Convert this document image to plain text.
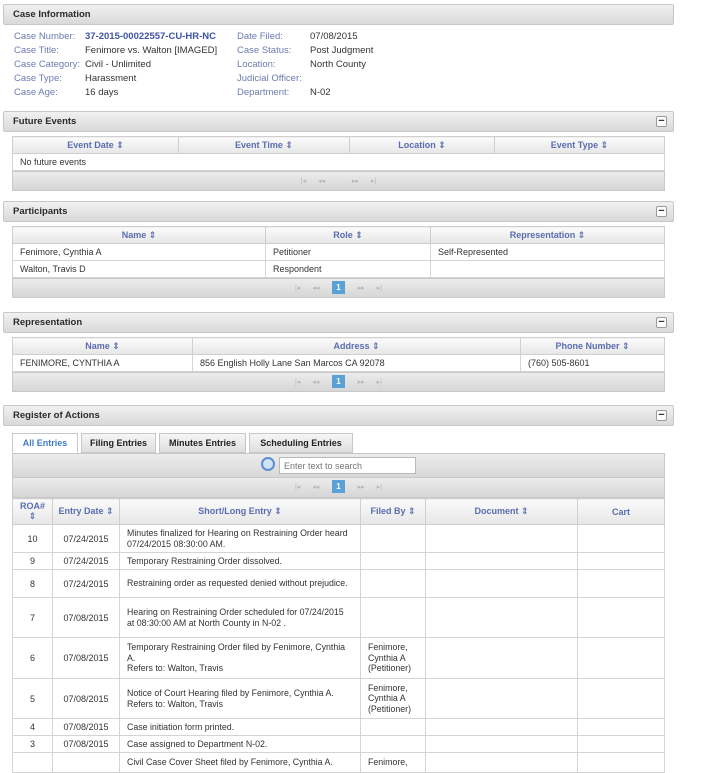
Case Information
Case Number: 37-2015-00022557-CU-HR-NC
Case Title:	Fenimore vs. Walton [IMAGED]
Case Category: Civil - Unlimited
Case Type: Harassment
Case Age:	16 days
Date Filed:	07/08/2015
Case Status: Post Judgment
Location:	North County
Judicial Officer:
Department: N-02
Future Events	−
Event Date ⇕	Event Time ⇕	Location ⇕	Event Type ⇕
No future events
|◂ ◂◂	▸▸ ▸|
Participants	−
Name ⇕	Role ⇕	Representation ⇕
Fenimore, Cynthia A	Petitioner	Self-Represented
Walton, Travis D	Respondent	
|◂ ◂◂ 1 ▸▸ ▸|
Representation	−
Name ⇕	Address ⇕	Phone Number ⇕
FENIMORE, CYNTHIA A	856 English Holly Lane San Marcos CA 92078	(760) 505-8601
|◂ ◂◂ 1 ▸▸ ▸|
Register of Actions	−
All Entries	Filing Entries	Minutes Entries	Scheduling Entries
Enter text to search
|◂ ◂◂ 1 ▸▸ ▸|
ROA# ⇕	Entry Date ⇕	Short/Long Entry ⇕	Filed By ⇕	Document ⇕	Cart
10	07/24/2015	Minutes finalized for Hearing on Restraining Order heard 07/24/2015 08:30:00 AM.			
9	07/24/2015	Temporary Restraining Order dissolved.			
8	07/24/2015	Restraining order as requested denied without prejudice.			
7	07/08/2015	Hearing on Restraining Order scheduled for 07/24/2015 at 08:30:00 AM at North County in N-02 .			
6	07/08/2015	Temporary Restraining Order filed by Fenimore, Cynthia A.
Refers to: Walton, Travis	Fenimore, Cynthia A (Petitioner)		
5	07/08/2015	Notice of Court Hearing filed by Fenimore, Cynthia A.
Refers to: Walton, Travis	Fenimore, Cynthia A (Petitioner)		
4	07/08/2015	Case initiation form printed.			
3	07/08/2015	Case assigned to Department N-02.			
		Civil Case Cover Sheet filed by Fenimore, Cynthia A.	Fenimore,		
